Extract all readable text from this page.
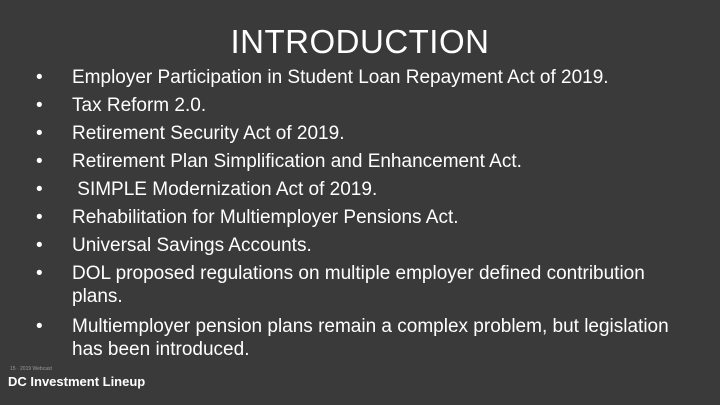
INTRODUCTION
•	Employer Participation in Student Loan Repayment Act of 2019.
•	Tax Reform 2.0.
•	Retirement Security Act of 2019.
•	Retirement Plan Simplification and Enhancement Act.
•	SIMPLE Modernization Act of 2019.
•	Rehabilitation for Multiemployer Pensions Act.
•	Universal Savings Accounts.
•	DOL proposed regulations on multiple employer defined contribution plans.
•	Multiemployer pension plans remain a complex problem, but legislation has been introduced.
15 · 2019 Webcast
DC Investment Lineup
